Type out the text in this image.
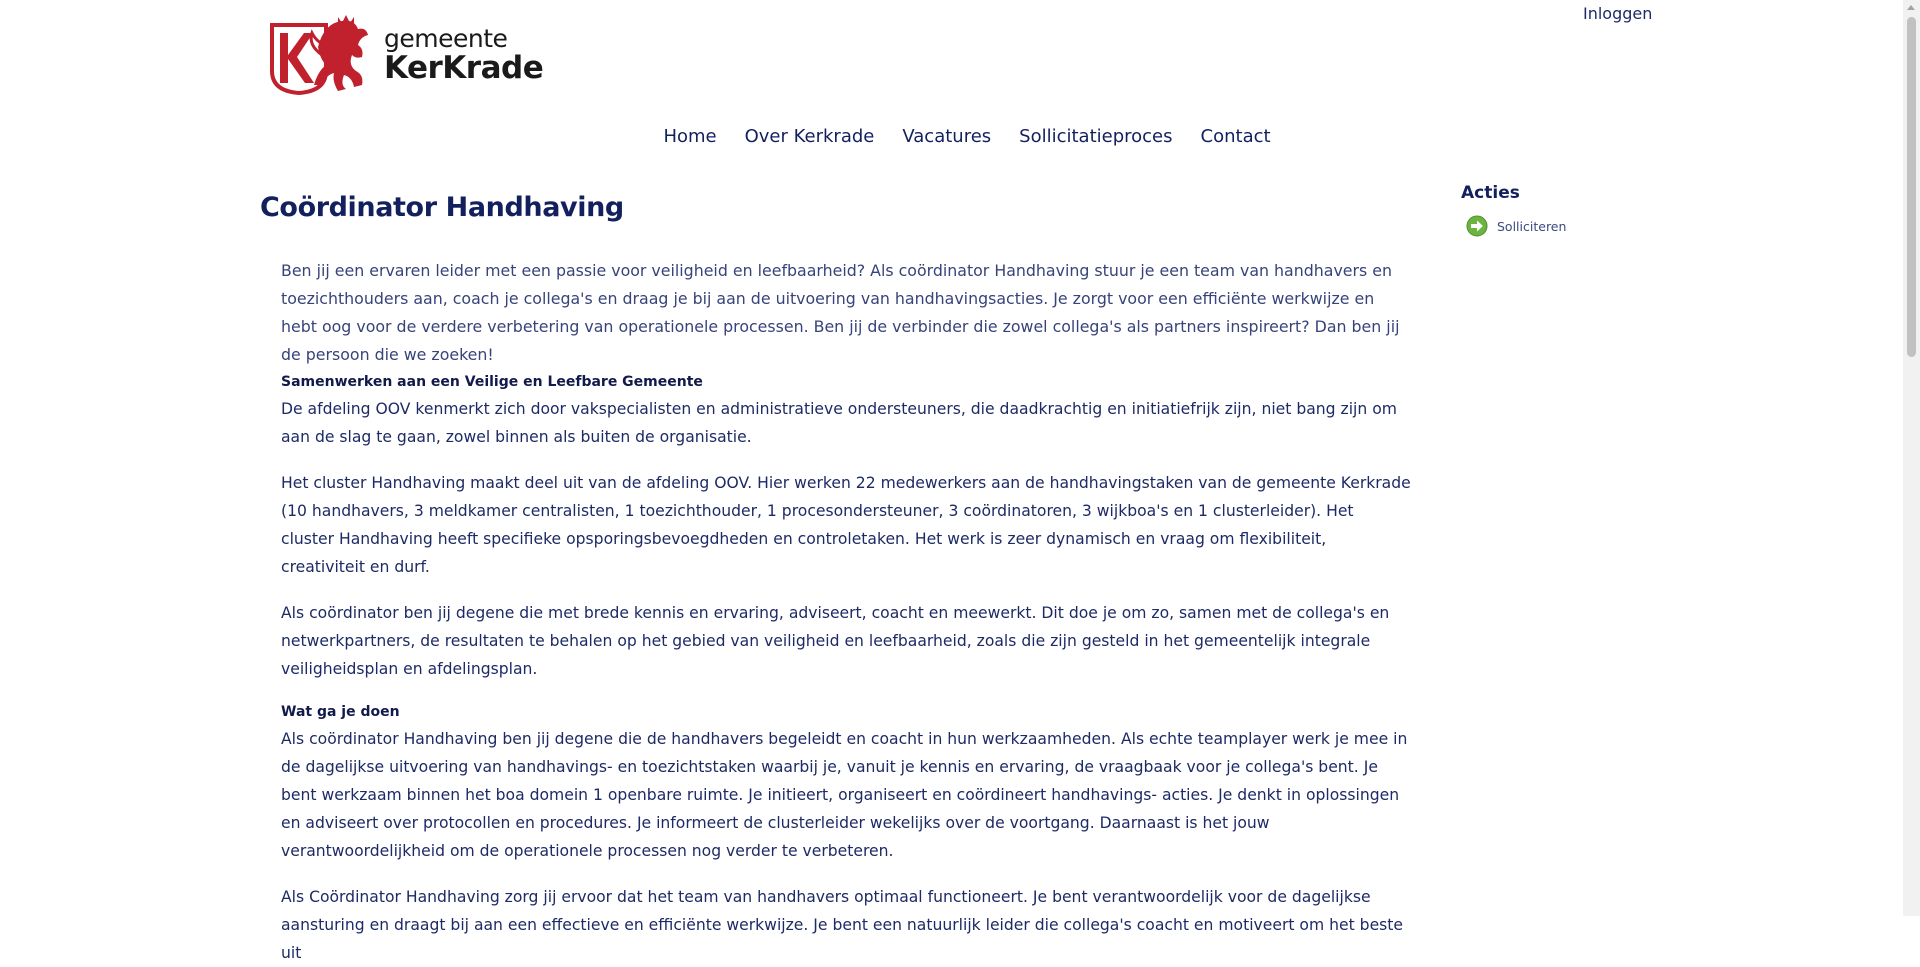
gemeente
KerKrade
Inloggen
Home Over Kerkrade Vacatures Sollicitatieproces Contact
Coördinator Handhaving

Ben jij een ervaren leider met een passie voor veiligheid en leefbaarheid? Als coördinator Handhaving stuur je een team van handhavers en toezichthouders aan, coach je collega's en draag je bij aan de uitvoering van handhavingsacties. Je zorgt voor een efficiënte werkwijze en hebt oog voor de verdere verbetering van operationele processen. Ben jij de verbinder die zowel collega's als partners inspireert? Dan ben jij de persoon die we zoeken!

Samenwerken aan een Veilige en Leefbare Gemeente

De afdeling OOV kenmerkt zich door vakspecialisten en administratieve ondersteuners, die daadkrachtig en initiatiefrijk zijn, niet bang zijn om aan de slag te gaan, zowel binnen als buiten de organisatie.

Het cluster Handhaving maakt deel uit van de afdeling OOV. Hier werken 22 medewerkers aan de handhavingstaken van de gemeente Kerkrade (10 handhavers, 3 meldkamer centralisten, 1 toezichthouder, 1 procesondersteuner, 3 coördinatoren, 3 wijkboa's en 1 clusterleider). Het cluster Handhaving heeft specifieke opsporingsbevoegdheden en controletaken. Het werk is zeer dynamisch en vraag om flexibiliteit, creativiteit en durf.

Als coördinator ben jij degene die met brede kennis en ervaring, adviseert, coacht en meewerkt. Dit doe je om zo, samen met de collega's en netwerkpartners, de resultaten te behalen op het gebied van veiligheid en leefbaarheid, zoals die zijn gesteld in het gemeentelijk integrale veiligheidsplan en afdelingsplan.

Wat ga je doen

Als coördinator Handhaving ben jij degene die de handhavers begeleidt en coacht in hun werkzaamheden. Als echte teamplayer werk je mee in de dagelijkse uitvoering van handhavings- en toezichtstaken waarbij je, vanuit je kennis en ervaring, de vraagbaak voor je collega's bent. Je bent werkzaam binnen het boa domein 1 openbare ruimte. Je initieert, organiseert en coördineert handhavings- acties. Je denkt in oplossingen en adviseert over protocollen en procedures. Je informeert de clusterleider wekelijks over de voortgang. Daarnaast is het jouw verantwoordelijkheid om de operationele processen nog verder te verbeteren.

Als Coördinator Handhaving zorg jij ervoor dat het team van handhavers optimaal functioneert. Je bent verantwoordelijk voor de dagelijkse aansturing en draagt bij aan een effectieve en efficiënte werkwijze. Je bent een natuurlijk leider die collega's coacht en motiveert om het beste uit

Acties
Solliciteren
